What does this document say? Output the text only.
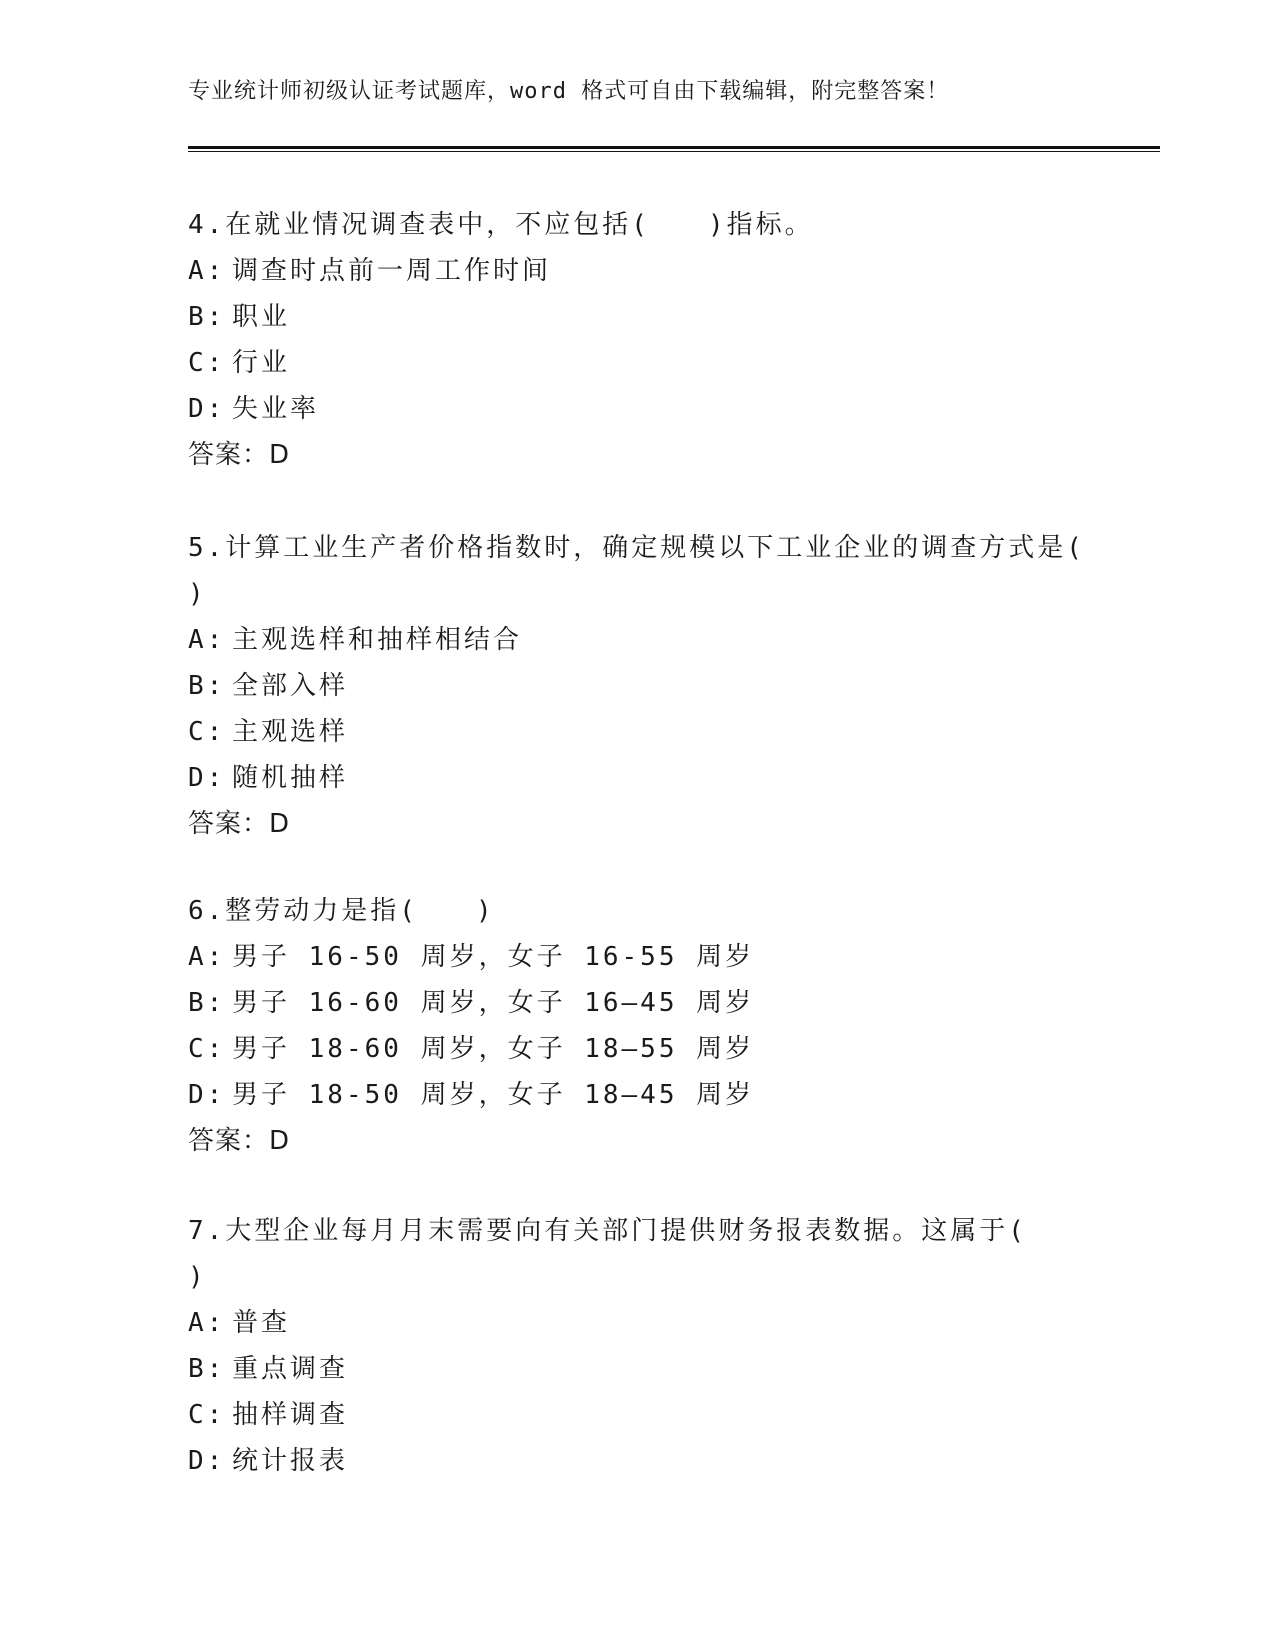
专业统计师初级认证考试题库，word 格式可自由下载编辑，附完整答案！
4.在就业情况调查表中，不应包括(　　)指标。
A: 调查时点前一周工作时间
B: 职业
C: 行业
D: 失业率
答案：D
5.计算工业生产者价格指数时，确定规模以下工业企业的调查方式是(
)
A: 主观选样和抽样相结合
B: 全部入样
C: 主观选样
D: 随机抽样
答案：D
6.整劳动力是指(　　)
A: 男子 16-50 周岁，女子 16-55 周岁
B: 男子 16-60 周岁，女子 16—45 周岁
C: 男子 18-60 周岁，女子 18—55 周岁
D: 男子 18-50 周岁，女子 18—45 周岁
答案：D
7.大型企业每月月末需要向有关部门提供财务报表数据。这属于(
)
A: 普查
B: 重点调查
C: 抽样调查
D: 统计报表
